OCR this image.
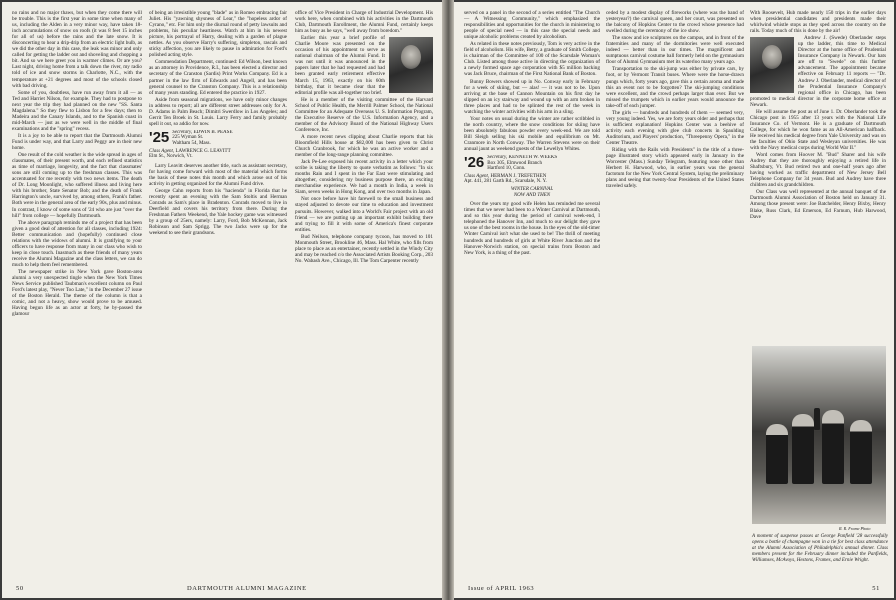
no rains and no major thaws, but when they come there will be trouble. This is the first year in some time when many of us, including the Alden in a very minor way, have taken 18-inch accumulations of snow on roofs (it was 8 feet 15 inches for all of us) before the rains and the late snow. It is disconcerting to hear a drip-drip from an electric light bulb, as we did the other day in this case, the leak was minor and only called for getting the ladder out and shoveling and chopping a bit. And so we here greet you in warmer climes. Or are you? Last night, driving home from a talk down the river, my radio told of ice and snow storms in Charlotte, N.C., with the temperature at +21 degrees and most of the schools closed with bad driving.

Some of you, doubtless, have run away from it all — as Ted and Harriet Nilson, for example. They had to postpone to next year the trip they had planned on the new "SS. Santa Magdalena." So they flew to Lisbon for a few days; then to Madeira and the Canary Islands, and to the Spanish coast in mid-March — just as we were well in the middle of final examinations and the "spring" recess.

It is a joy to be able to report that the Dartmouth Alumni Fund is under way, and that Larry and Peggy are in their new home.

One result of the cold weather is the wide spread in ages of classmates, of their present worth, and each refined statistics as time of marriage, longevity, and the fact that classmates' sons are still coming up to the freshman classes. This was accentuated for me recently with two news items. The death of Dr. Long Moonlight, who suffered illness and living here with his brother, State Senator Bob; and the death of Frank Harrington's uncle, survived by, among others, Frank's father. Both were in the general area of the early 90s, plus and minus. In contrast, I know of some sons of '24 who are just "over the hill" from college — hopefully Dartmouth.

The above paragraph reminds me of a project that has been given a good deal of attention for all classes, including 1924: Better communication and (hopefully) continued close relations with the widows of alumni. It is gratifying to your officers to have response from many in our class who wish to keep in close touch. Inasmuch as these friends of many years receive the Alumni Magazine and the class letters, we can do much to help them feel remembered.

The newspaper strike in New York gave Boston-area alumni a very unexpected tingle when the New York Times News Service published Taubman's excellent column on Paul Ford's latest play, "Never Too Late," in the December 27 issue of the Boston Herald. The theme of the column is that a comic, and not a heavy, show would prove to be amused. Having begun life as an actor at forty, he by-passed the glamour

of being an irresistible young "blade" as in Romeo embracing fair Juliet. His "yawning shysness of Lear," the "hopeless ardor of Cyrano," etc. For him only the diurnal round of petty lawsuits and problems, his peculiar heartiness. Watch at him in his newest picture, his portrayal of Harry, dealing with a garden of plague nettles. As you observe Harry's suffering, simpleton, rascals and sticky affection, you are likely to pause in admiration for Ford's polished acting style.

Commendation Department, continued: Ed Wilson, best known as an attorney in Providence, R.I., has been elected a director and secretary of the Cranston (Sardis) Print Works Company. Ed is a partner in the law firm of Edwards and Angell, and has been general counsel to the Cranston Company. This is a relationship of many years standing. Ed entered the practice in 1927.

Aside from seasonal migrations, we have only minor changes in address to report; all are different street addresses only for A. D. Adams in Palm Beach; Dimitri Swerdlow in Los Angeles; and Gerrit Ten Broek in St. Louis. Larry Ferry and family probably spell it out, so addio for now.

'25 Secretary, EDWIN B. PEASE
225 Wyman St.
Waltham 54, Mass.
Class Agent, LAWRENCE G. LEAVITT
Elm St., Norwich, Vt.

Larry Leavitt deserves another title, such as assistant secretary, for having come forward with most of the material which forms the basis of these notes this month and which arose out of his activity in getting organized for the Alumni Fund drive.

George Cahn reports from his "hacienda" in Florida that he recently spent an evening with the Sam Stoltis and Herman Conrads as Sam's place in Bradenton. Conrads moved to live in Deerfield and covers his territory from there. During the Freshman Fathers Weekend, the Yale hockey game was witnessed by a group of 25ers, namely: Larry, Ford, Bob McKennan, Jack Robinson and Sam Sprigg. The two Jacks were up for the weekend to see their grandsons.

office of Vice President in Charge of Industrial Development. His work here, when combined with his activities in the Dartmouth Club, Dartmouth Enrollment, the Alumni Fund, certainly keeps him as busy as he says, "well away from boredom."

Earlier this year a brief profile of Charlie Moore was presented on the occasion of his appointment to serve as national chairman of the Alumni Fund. It was not until it was announced in the papers later that he had requested and had been granted early retirement effective March 15, 1963, exactly on his 60th birthday, that it became clear that the editorial profile was all-together too brief.

He is a member of the visiting committee of the Harvard School of Public Health, the Merrill Palmer School, the National Committee for an Adequate Overseas U. S. Information Program, the Executive Reserve of the U.S. Information Agency, and a member of the Advisory Board of the National Highway Users Conference, Inc.

A more recent news clipping about Charlie reports that his Bloomfield Hills house at $82,000 has been given to Christ Church Cranbrook, for which he was an active worker and a member of the long-range planning committee.

Jack Pe-Lee exposed his recent activity in a letter which your scribe is taking the liberty to quote verbatim as follows: "In six months Rain and I spent in the Far East were stimulating and altogether, considering my business purpose there, an exciting merchandise experience. We had a month in India, a week in Siam, seven weeks in Hong Kong, and over two months in Japan.

Not once before have hit farewell to the small business and stayed adjusted to devote our time to education and investment pursuits. However, walked into a World's Fair project with an old friend — we are putting up an important exhibit building there and trying to fill it with some of America's finest corporate entities.

Bud Neilson, telephone company tycoon, has moved to 101 Monmouth Street, Brookline 46, Mass. Hal White, who fills from place to place as an entertainer, recently settled in the Windy City and may be reached c/o the Associated Artists Booking Corp., 203 No. Wabash Ave., Chicago, Ill. The Tom Carpenter recently

50	DARTMOUTH ALUMNI MAGAZINE

served on a panel in the second of a series entitled "The Church — A Witnessing Community," which emphasized the responsibilities and opportunities for the church in ministering to people of special need — in this case the special needs and unique alcoholic problems created by alcoholism.

As related in these notes previously, Tom is very active in the field of alcoholism. His wife, Betty, a graduate of Smith College, is chairman of the Committee of 100 of the Scarsdale Woman's Club. Listed among those active in directing the organization of a newly formed space age corporation with $5 million backing was Jack Bruce, chairman of the First National Bank of Boston.

Bunny Bowers showed up in No. Conway early in February for a week of skiing, but — alas! — it was not to be. Upon arriving at the base of Cannon Mountain on his first day he slipped on an icy stairway and wound up with an arm broken in three places and had to be splinted the rest of the week in watching the winter activities with his arm in a sling.

Your notes on usual during the winter are rather scribbled in the north country, where the snow conditions for skiing have been absolutely fabulous powder every week-end. We are told Bill Sleigh selling his ski mobile and equilibrium on Mt. Cranmore in North Conway. The Warren Stevens were on their annual jaunt as weekend guests of the Lewellyn Whites.

'26 Secretary, KENNETH W. WEEKS
Box 305, Elmwood Branch
Hartford 10, Conn.
Class Agent, HERMAN J. TREFETHEN
Apt. 441, 281 Garth Rd., Scarsdale, N. Y.
WINTER CARNIVAL
NOW AND THEN

Over the years my good wife Helen has reminded me several times that we never had been to a Winter Carnival at Dartmouth, and so this year during the period of carnival week-end, I telephoned the Hanover Inn, and much to our delight they gave us one of the best rooms in the house. In the eyes of the old-timer Winter Carnival isn't what she used to be! The thrill of meeting hundreds and hundreds of girls at White River Junction and the Hanover-Norwich station, on special trains from Boston and New York, is a thing of the past.

ceded by a modest display of fireworks (where was the band of yesteryear?) the carnival queen, and her court, was presented on the balcony of Hopkins Center to the crowd whose presence had swelled during the ceremony of the ice show.

The snow and ice sculptures on the campus, and in front of the fraternities and many of the dormitories were well executed indeed — better than in our times. The magnificent and sumptuous carnival costume ball formerly held on the gymnasium floor of Alumni Gymnasium met its waterloo many years ago.

Transportation to the ski-jump was either by private cars, by foot, or by Vermont Transit buses. Where were the horse-drawn pungs which, forty years ago, gave this a certain aroma and made this an event not to be forgotten? The ski-jumping conditions were excellent, and the crowd perhaps larger than ever. But we missed the trumpets which in earlier years would announce the take-off of each jumper.

The girls — hundreds and hundreds of them — seemed very, very young indeed. Yes, we are forty years older and perhaps that is sufficient explanation! Hopkins Center was a beehive of activity each evening with glee club concerts in Spaulding Auditorium, and Players' production, "Threepenny Opera," in the Center Theatre.

Riding with the Rails with Presidents" in the title of a three-page illustrated story which appeared early in January in the Worcester (Mass.) Sunday Telegram, featuring none other than Herbert H. Harwood, who, in earlier years was the general factotum for the New York Central System, laying the preliminary plans and seeing that twenty-four Presidents of the United States traveled safely.

With Roosevelt, Hub made nearly 150 trips in the earlier days when presidential candidates and presidents made their whirlwind whistle stops as they sped across the country on the rails. Today much of this is done by the air!

Andrew J. (Swede) Oberlander steps up the ladder, this time to Medical Director at the home office of Prudential Insurance Company in Newark. Our hats are off to "Swede" on this further advancement. The appointment became effective on February 11 reports — "Dr. Andrew J. Oberlander, medical director of the Prudential Insurance Company's regional office in Chicago, has been promoted to medical director in the corporate home office at Newark.

He will assume the post as of June 1. Dr. Oberlander took the Chicago post in 1955 after 13 years with the National Life Insurance Co. of Vermont. He is a graduate of Dartmouth College, for which he won fame as an All-American halfback. He received his medical degree from Yale University and was on the faculties of Ohio State and Wesleyan universities. He was with the Navy medical corps during World War II."

Word comes from Hoover M. "Bud" Sharer and his wife Audrey that they are thoroughly enjoying a retired life in Shaftsbury, Vt. Bud retired two and one-half years ago after having worked as traffic department of New Jersey Bell Telephone Company for 34 years. Bud and Audrey have three children and six grandchildren.

Our Class was well represented at the annual banquet of the Dartmouth Alumni Association of Boston held on January 31. Among those present were: Joe Batchelder, Henry Bixby, Henry Blake, Russ Clark, Ed Emerson, Ed Farnum, Hub Harwood, Dave

R. R. Frame Photo
A moment of suspense passes at George Panfield '28 successfully opens a bottle of champagne won in a tie for best class attendance at the Alumni Association of Philadelphia's annual dinner. Class members present for the February dinner included the Panfields, Williamses, McAvoys, Hestons, Frames, and Ernie Wright.
Issue of APRIL 1963	51
